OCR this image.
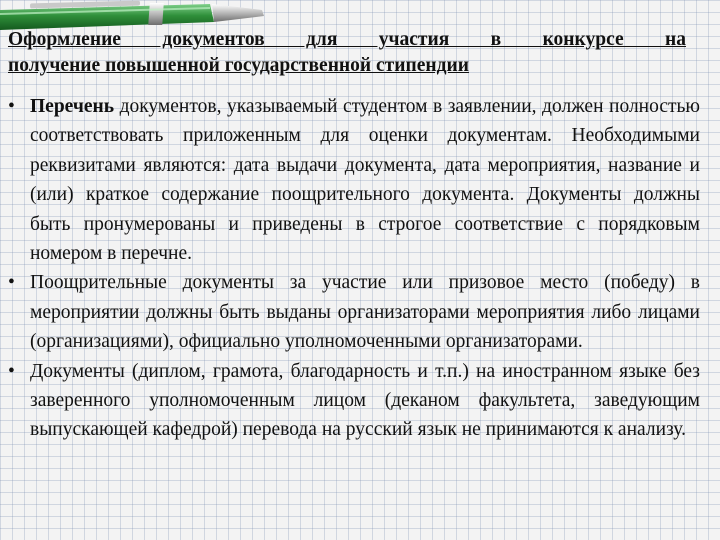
Оформление документов для участия в конкурсе на
получение повышенной государственной стипендии
• Перечень документов, указываемый студентом в заявлении, должен полностью соответствовать приложенным для оценки документам. Необходимыми реквизитами являются: дата выдачи документа, дата мероприятия, название и (или) краткое содержание поощрительного документа. Документы должны быть пронумерованы и приведены в строгое соответствие с порядковым номером в перечне.
• Поощрительные документы за участие или призовое место (победу) в мероприятии должны быть выданы организаторами мероприятия либо лицами (организациями), официально уполномоченными организаторами.
• Документы (диплом, грамота, благодарность и т.п.) на иностранном языке без заверенного уполномоченным лицом (деканом факультета, заведующим выпускающей кафедрой) перевода на русский язык не принимаются к анализу.
